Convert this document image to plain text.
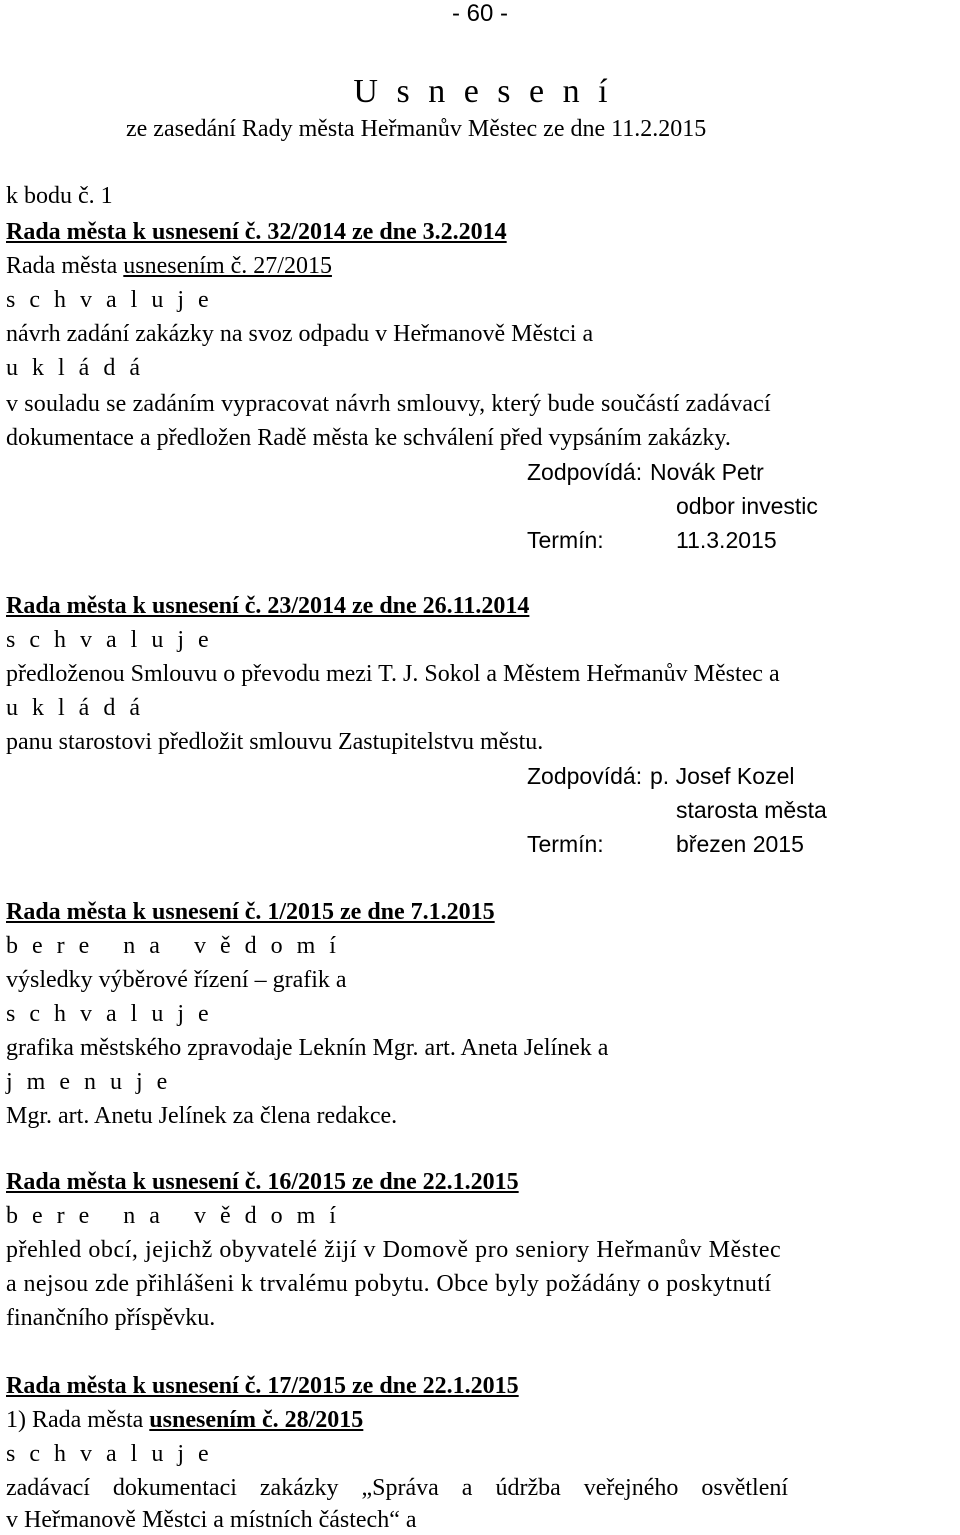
- 60 -
U s n e s e n í
ze zasedání Rady města Heřmanův Městec ze dne 11.2.2015
k bodu č. 1
Rada města k usnesení č. 32/2014 ze dne 3.2.2014
Rada města usnesením č. 27/2015
s c h v a l u j e
návrh zadání zakázky na svoz odpadu v Heřmanově Městci a
u k l á d á
v souladu se zadáním vypracovat návrh smlouvy, který bude součástí zadávací
dokumentace a předložen Radě města ke schválení před vypsáním zakázky.
Zodpovídá: Novák Petr
odbor investic
Termín:	11.3.2015
Rada města k usnesení č. 23/2014 ze dne 26.11.2014
s c h v a l u j e
předloženou Smlouvu o převodu mezi T. J. Sokol a Městem Heřmanův Městec a
u k l á d á
panu starostovi předložit smlouvu Zastupitelstvu městu.
Zodpovídá: p. Josef Kozel
starosta města
Termín:	březen 2015
Rada města k usnesení č. 1/2015 ze dne 7.1.2015
b e r e   n a   v ě d o m í
výsledky výběrové řízení – grafik a
s c h v a l u j e
grafika městského zpravodaje Leknín Mgr. art. Aneta Jelínek a
j m e n u j e
Mgr. art. Anetu Jelínek za člena redakce.
Rada města k usnesení č. 16/2015 ze dne 22.1.2015
b e r e   n a   v ě d o m í
přehled obcí, jejichž obyvatelé žijí v Domově pro seniory Heřmanův Městec
a nejsou zde přihlášeni k trvalému pobytu. Obce byly požádány o poskytnutí
finančního příspěvku.
Rada města k usnesení č. 17/2015 ze dne 22.1.2015
1) Rada města usnesením č. 28/2015
s c h v a l u j e
zadávací dokumentaci zakázky „Správa a údržba veřejného osvětlení
v Heřmanově Městci a místních částech“ a
